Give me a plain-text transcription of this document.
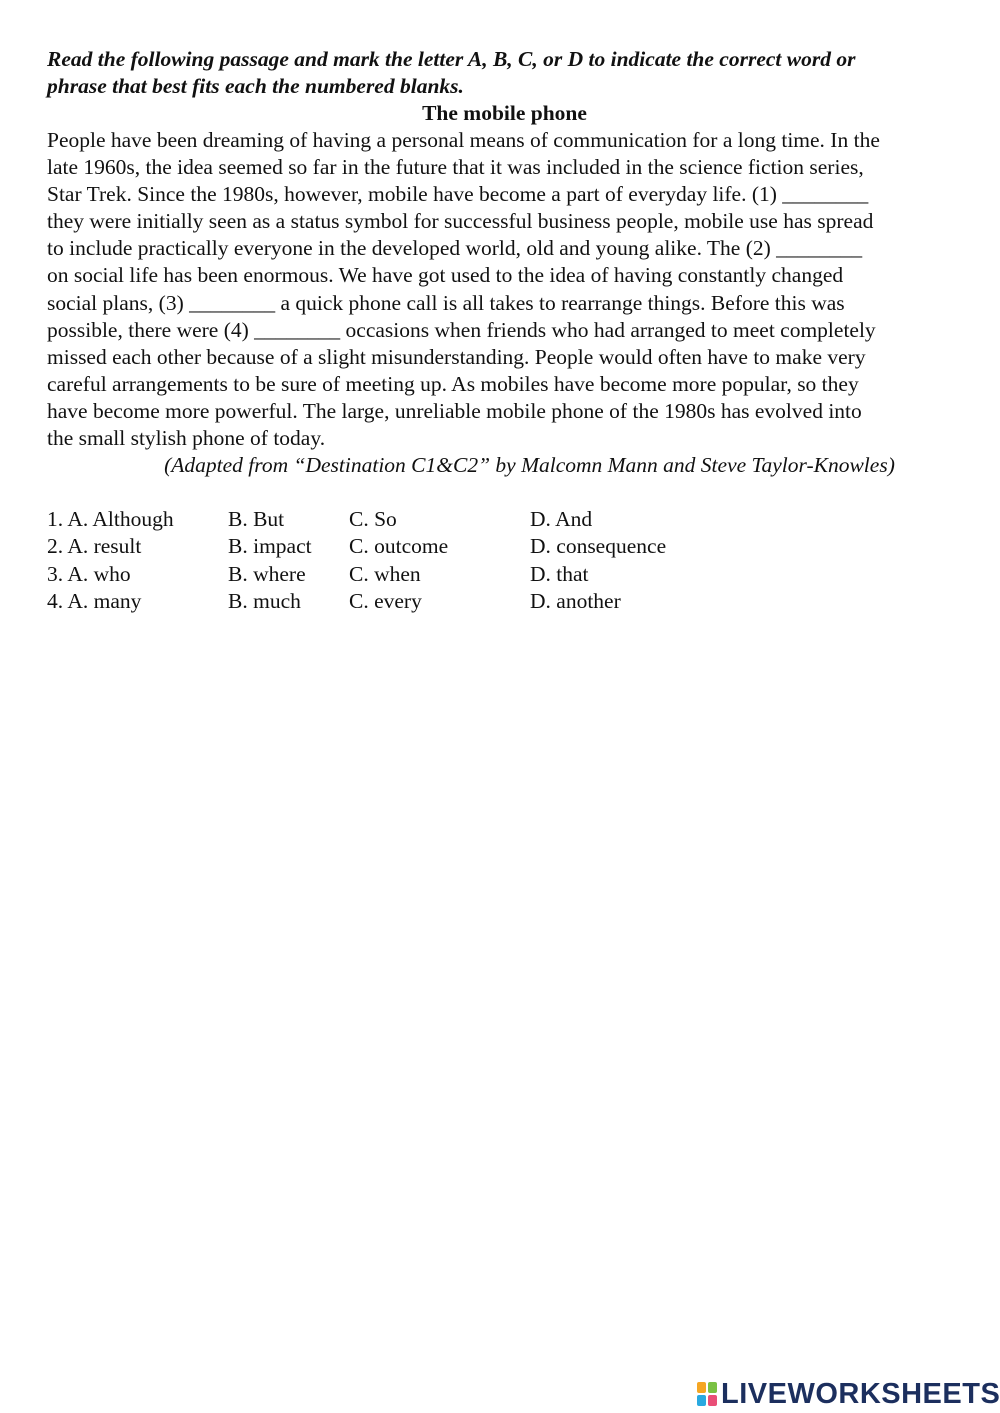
Read the following passage and mark the letter A, B, C, or D to indicate the correct word or
phrase that best fits each the numbered blanks.

The mobile phone

People have been dreaming of having a personal means of communication for a long time. In the
late 1960s, the idea seemed so far in the future that it was included in the science fiction series,
Star Trek. Since the 1980s, however, mobile have become a part of everyday life. (1) ________
they were initially seen as a status symbol for successful business people, mobile use has spread
to include practically everyone in the developed world, old and young alike. The (2) ________
on social life has been enormous. We have got used to the idea of having constantly changed
social plans, (3) ________ a quick phone call is all takes to rearrange things. Before this was
possible, there were (4) ________ occasions when friends who had arranged to meet completely
missed each other because of a slight misunderstanding. People would often have to make very
careful arrangements to be sure of meeting up. As mobiles have become more popular, so they
have become more powerful. The large, unreliable mobile phone of the 1980s has evolved into
the small stylish phone of today.

(Adapted from “Destination C1&C2” by Malcomn Mann and Steve Taylor-Knowles)

1. A. Although	B. But	C. So	D. And
2. A. result	B. impact	C. outcome	D. consequence
3. A. who	B. where	C. when	D. that
4. A. many	B. much	C. every	D. another
LIVEWORKSHEETS
